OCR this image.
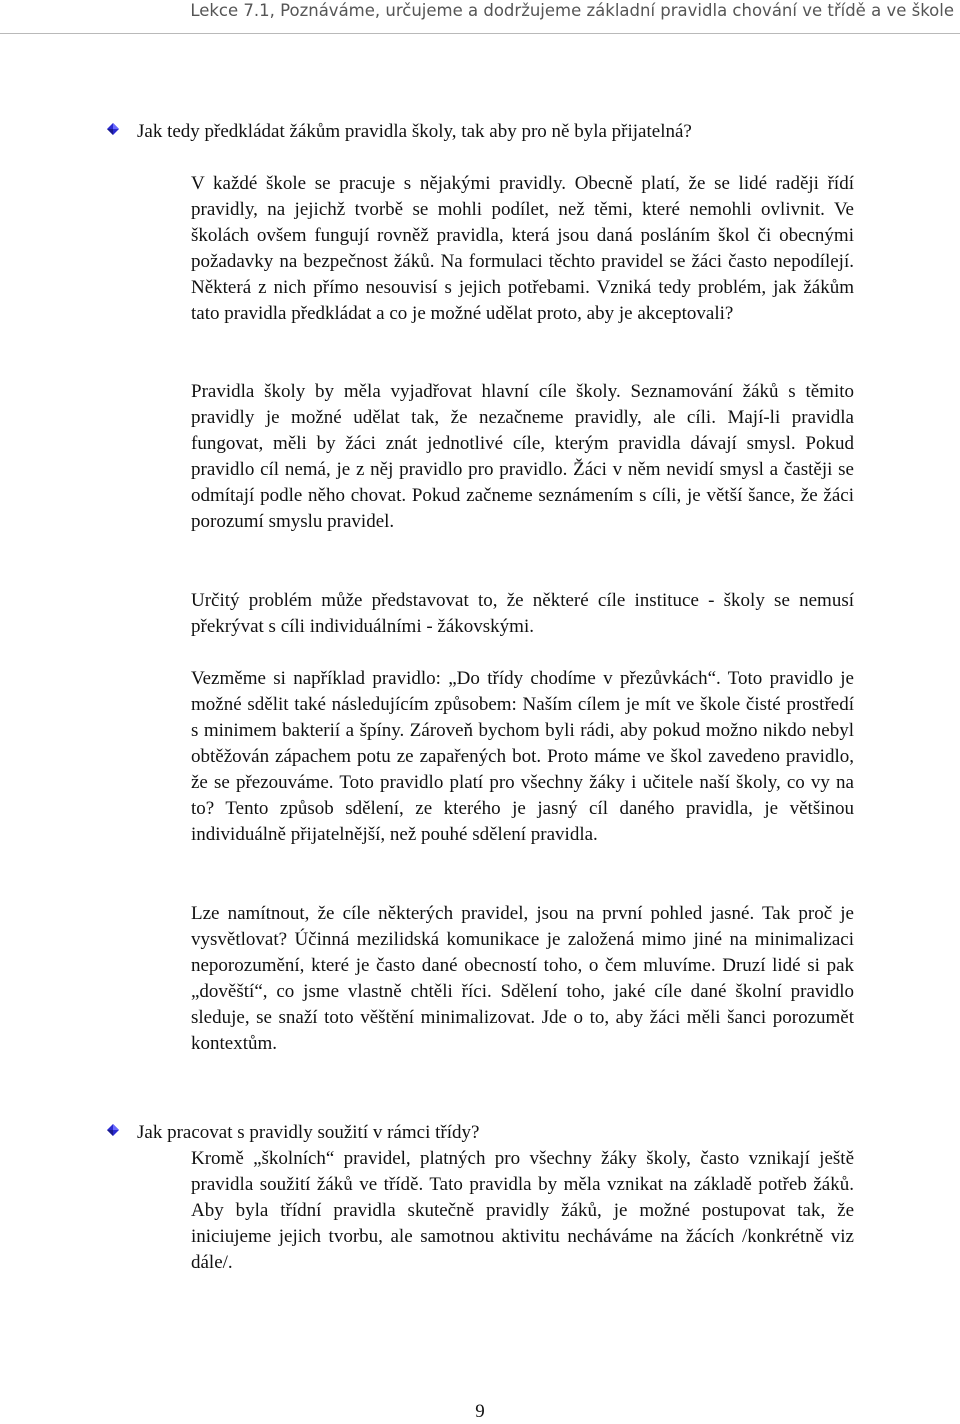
Lekce 7.1, Poznáváme, určujeme a dodržujeme základní pravidla chování ve třídě a ve škole
Jak tedy předkládat žákům pravidla školy, tak aby pro ně byla přijatelná?

V každé škole se pracuje s nějakými pravidly. Obecně platí, že se lidé raději řídí pravidly, na jejichž tvorbě se mohli podílet, než těmi, které nemohli ovlivnit. Ve školách ovšem fungují rovněž pravidla, která jsou daná posláním škol či obecnými požadavky na bezpečnost žáků. Na formulaci těchto pravidel se žáci často nepodílejí. Některá z nich přímo nesouvisí s jejich potřebami. Vzniká tedy problém, jak žákům tato pravidla předkládat a co je možné udělat proto, aby je akceptovali?

Pravidla školy by měla vyjadřovat hlavní cíle školy. Seznamování žáků s těmito pravidly je možné udělat tak, že nezačneme pravidly, ale cíli. Mají-li pravidla fungovat, měli by žáci znát jednotlivé cíle, kterým pravidla dávají smysl. Pokud pravidlo cíl nemá, je z něj pravidlo pro pravidlo. Žáci v něm nevidí smysl a častěji se odmítají podle něho chovat. Pokud začneme seznámením s cíli, je větší šance, že žáci porozumí smyslu pravidel.

Určitý problém může představovat to, že některé cíle instituce - školy se nemusí překrývat s cíli individuálními - žákovskými.

Vezměme si například pravidlo: „Do třídy chodíme v přezůvkách“. Toto pravidlo je možné sdělit také následujícím způsobem: Naším cílem je mít ve škole čisté prostředí s minimem bakterií a špíny. Zároveň bychom byli rádi, aby pokud možno nikdo nebyl obtěžován zápachem potu ze zapařených bot. Proto máme ve škol zavedeno pravidlo, že se přezouváme. Toto pravidlo platí pro všechny žáky i učitele naší školy, co vy na to? Tento způsob sdělení, ze kterého je jasný cíl daného pravidla, je většinou individuálně přijatelnější, než pouhé sdělení pravidla.

Lze namítnout, že cíle některých pravidel, jsou na první pohled jasné. Tak proč je vysvětlovat? Účinná mezilidská komunikace je založená mimo jiné na minimalizaci neporozumění, které je často dané obecností toho, o čem mluvíme. Druzí lidé si pak „dověští“, co jsme vlastně chtěli říci. Sdělení toho, jaké cíle dané školní pravidlo sleduje, se snaží toto věštění minimalizovat. Jde o to, aby žáci měli šanci porozumět kontextům.

Jak pracovat s pravidly soužití v rámci třídy?

Kromě „školních“ pravidel, platných pro všechny žáky školy, často vznikají ještě pravidla soužití žáků ve třídě. Tato pravidla by měla vznikat na základě potřeb žáků. Aby byla třídní pravidla skutečně pravidly žáků, je možné postupovat tak, že iniciujeme jejich tvorbu, ale samotnou aktivitu necháváme na žácích /konkrétně viz dále/.

9
